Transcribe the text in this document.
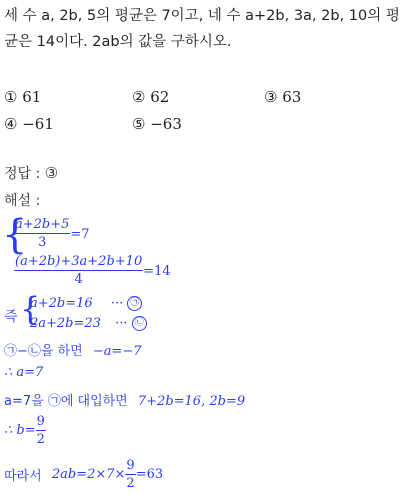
세 수 a, 2b, 5의 평균은 7이고, 네 수 a+2b, 3a, 2b, 10의 평
균은 14이다. 2ab의 값을 구하시오.
① 61	② 62	③ 63
④ −61	⑤ −63
정답 : ③
해설 :
{
$\frac{a+2b+5}{3} =7$
$\frac{(a+2b)+3a+2b+10}{4} =14$
즉 {
a+2b=16 ··· ㉠
2a+2b=23 ··· ㉡
㉠−㉡을 하면 −a=−7
∴ a=7
a=7을 ㉠에 대입하면 7+2b=16, 2b=9
∴ $b= \frac{9}{2}$
따라서 $2ab=2\times 7\times \frac{9}{2} =63$
